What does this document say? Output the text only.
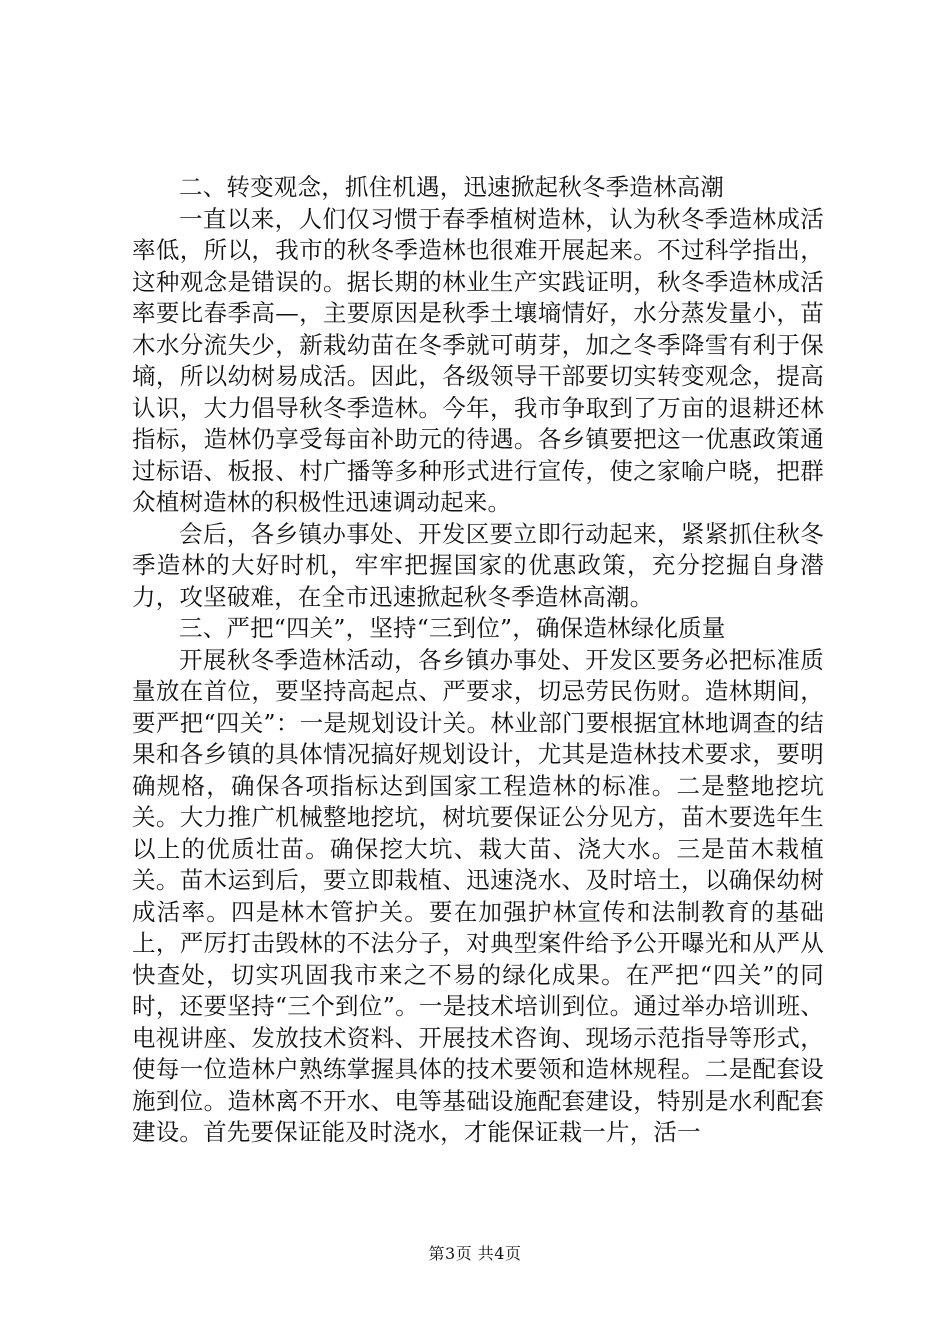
二、转变观念，抓住机遇，迅速掀起秋冬季造林高潮

一直以来，人们仅习惯于春季植树造林，认为秋冬季造林成活率低，所以，我市的秋冬季造林也很难开展起来。不过科学指出，这种观念是错误的。据长期的林业生产实践证明，秋冬季造林成活率要比春季高—，主要原因是秋季土壤墒情好，水分蒸发量小，苗木水分流失少，新栽幼苗在冬季就可萌芽，加之冬季降雪有利于保墒，所以幼树易成活。因此，各级领导干部要切实转变观念，提高认识，大力倡导秋冬季造林。今年，我市争取到了万亩的退耕还林指标，造林仍享受每亩补助元的待遇。各乡镇要把这一优惠政策通过标语、板报、村广播等多种形式进行宣传，使之家喻户晓，把群众植树造林的积极性迅速调动起来。

会后，各乡镇办事处、开发区要立即行动起来，紧紧抓住秋冬季造林的大好时机，牢牢把握国家的优惠政策，充分挖掘自身潜力，攻坚破难，在全市迅速掀起秋冬季造林高潮。

三、严把“四关”，坚持“三到位”，确保造林绿化质量

开展秋冬季造林活动，各乡镇办事处、开发区要务必把标准质量放在首位，要坚持高起点、严要求，切忌劳民伤财。造林期间，要严把“四关”：一是规划设计关。林业部门要根据宜林地调查的结果和各乡镇的具体情况搞好规划设计，尤其是造林技术要求，要明确规格，确保各项指标达到国家工程造林的标准。二是整地挖坑关。大力推广机械整地挖坑，树坑要保证公分见方，苗木要选年生以上的优质壮苗。确保挖大坑、栽大苗、浇大水。三是苗木栽植关。苗木运到后，要立即栽植、迅速浇水、及时培土，以确保幼树成活率。四是林木管护关。要在加强护林宣传和法制教育的基础上，严厉打击毁林的不法分子，对典型案件给予公开曝光和从严从快查处，切实巩固我市来之不易的绿化成果。在严把“四关”的同时，还要坚持“三个到位”。一是技术培训到位。通过举办培训班、电视讲座、发放技术资料、开展技术咨询、现场示范指导等形式，使每一位造林户熟练掌握具体的技术要领和造林规程。二是配套设施到位。造林离不开水、电等基础设施配套建设，特别是水利配套建设。首先要保证能及时浇水，才能保证栽一片，活一

第3页 共4页
